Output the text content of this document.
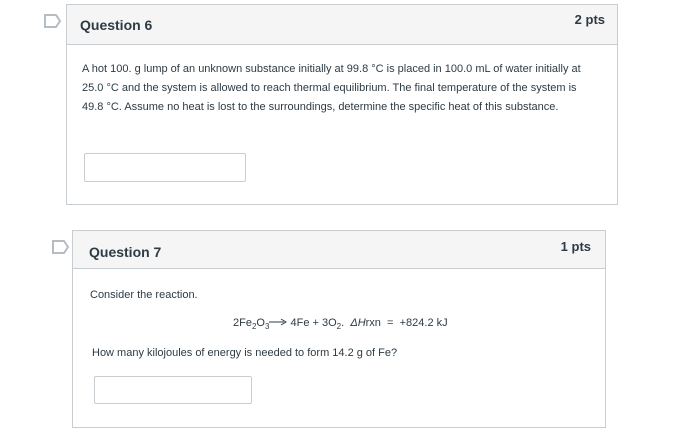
Question 6	2 pts
A hot 100. g lump of an unknown substance initially at 99.8 °C is placed in 100.0 mL of water initially at 25.0 °C and the system is allowed to reach thermal equilibrium. The final temperature of the system is 49.8 °C. Assume no heat is lost to the surroundings, determine the specific heat of this substance.
Question 7	1 pts
Consider the reaction.
$2Fe_2O_3\to 4Fe + 3O_2$. ΔHrxn = +824.2 kJ
How many kilojoules of energy is needed to form 14.2 g of Fe?
